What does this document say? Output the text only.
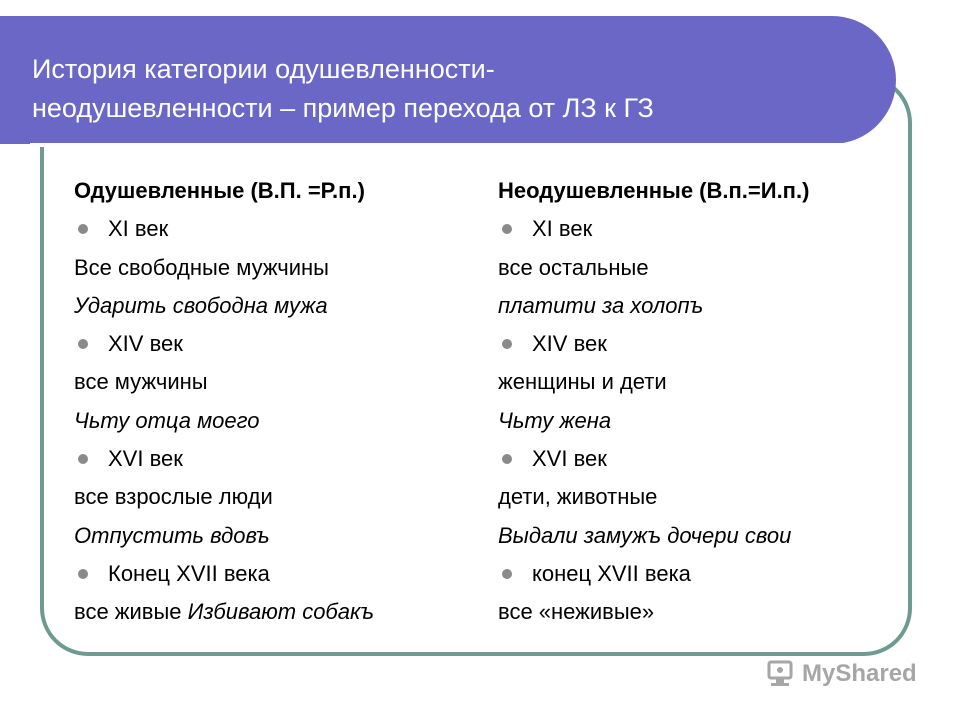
История категории одушевленности-
неодушевленности – пример перехода от ЛЗ к ГЗ
Одушевленные (В.П. =Р.п.)
XI век
Все свободные мужчины
Ударить свободна мужа
XIV век
все мужчины
Чьту отца моего
XVI век
все взрослые люди
Отпустить вдовъ
Конец XVII века
все живые Избивают собакъ
Неодушевленные (В.п.=И.п.)
XI век
все остальные
платити за холопъ
XIV век
женщины и дети
Чьту жена
XVI век
дети, животные
Выдали замужъ дочери свои
конец XVII века
все «неживые»
MyShared
